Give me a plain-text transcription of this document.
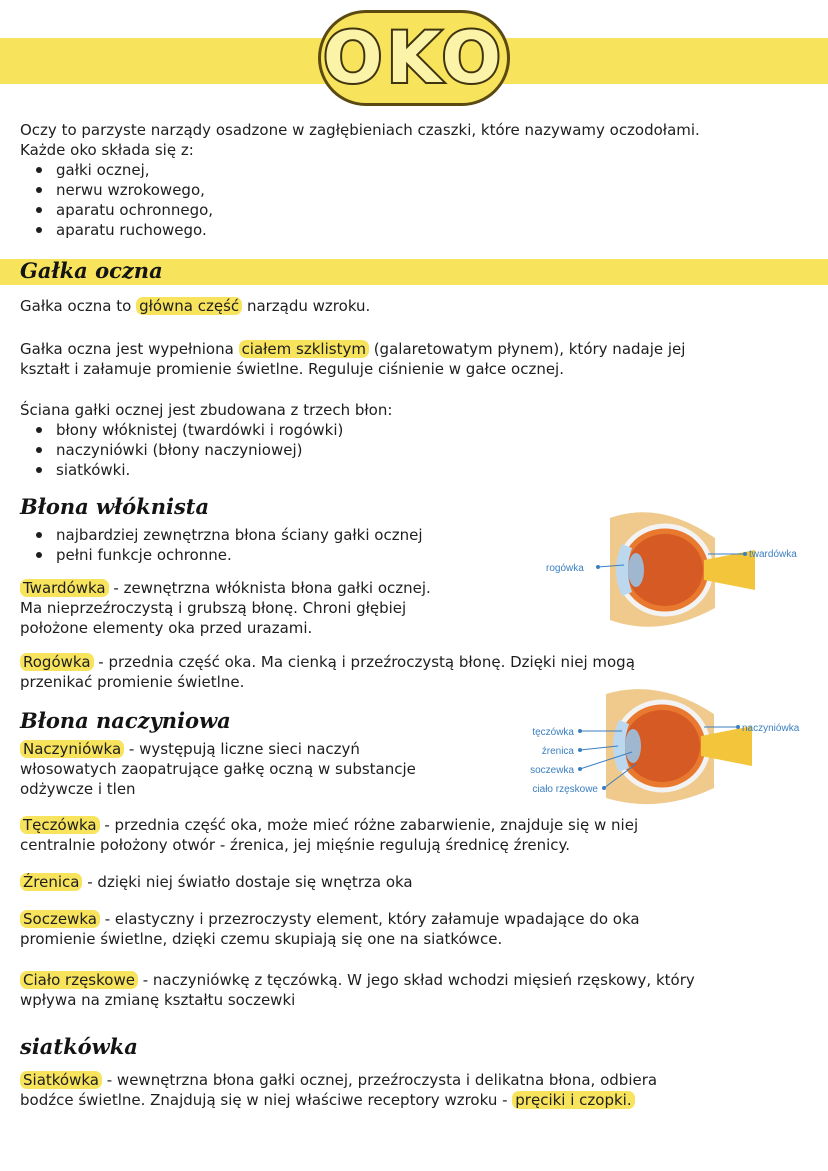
OKO

Oczy to parzyste narządy osadzone w zagłębieniach czaszki, które nazywamy oczodołami.

Każde oko składa się z:

gałki ocznej,
nerwu wzrokowego,
aparatu ochronnego,
aparatu ruchowego.
Gałka oczna

Gałka oczna to główna część narządu wzroku.

Gałka oczna jest wypełniona ciałem szklistym (galaretowatym płynem), który nadaje jej

kształt i załamuje promienie świetlne. Reguluje ciśnienie w gałce ocznej.

Ściana gałki ocznej jest zbudowana z trzech błon:

błony włóknistej (twardówki i rogówki)
naczyniówki (błony naczyniowej)
siatkówki.
Błona włóknista
najbardziej zewnętrzna błona ściany gałki ocznej
pełni funkcje ochronne.

Twardówka - zewnętrzna włóknista błona gałki ocznej.

Ma nieprzeźroczystą i grubszą błonę. Chroni głębiej

położone elementy oka przed urazami.

Rogówka - przednia część oka. Ma cienką i przeźroczystą błonę. Dzięki niej mogą

przenikać promienie świetlne.

rogówka
twardówka
Błona naczyniowa

Naczyniówka - występują liczne sieci naczyń

włosowatych zaopatrujące gałkę oczną w substancje

odżywcze i tlen

tęczówka
źrenica
soczewka
ciało rzęskowe
naczyniówka

Tęczówka - przednia część oka, może mieć różne zabarwienie, znajduje się w niej

centralnie położony otwór - źrenica, jej mięśnie regulują średnicę źrenicy.

Źrenica - dzięki niej światło dostaje się wnętrza oka

Soczewka - elastyczny i przezroczysty element, który załamuje wpadające do oka

promienie świetlne, dzięki czemu skupiają się one na siatkówce.

Ciało rzęskowe - naczyniówkę z tęczówką. W jego skład wchodzi mięsień rzęskowy, który

wpływa na zmianę kształtu soczewki

siatkówka

Siatkówka - wewnętrzna błona gałki ocznej, przeźroczysta i delikatna błona, odbiera

bodźce świetlne. Znajdują się w niej właściwe receptory wzroku - pręciki i czopki.
